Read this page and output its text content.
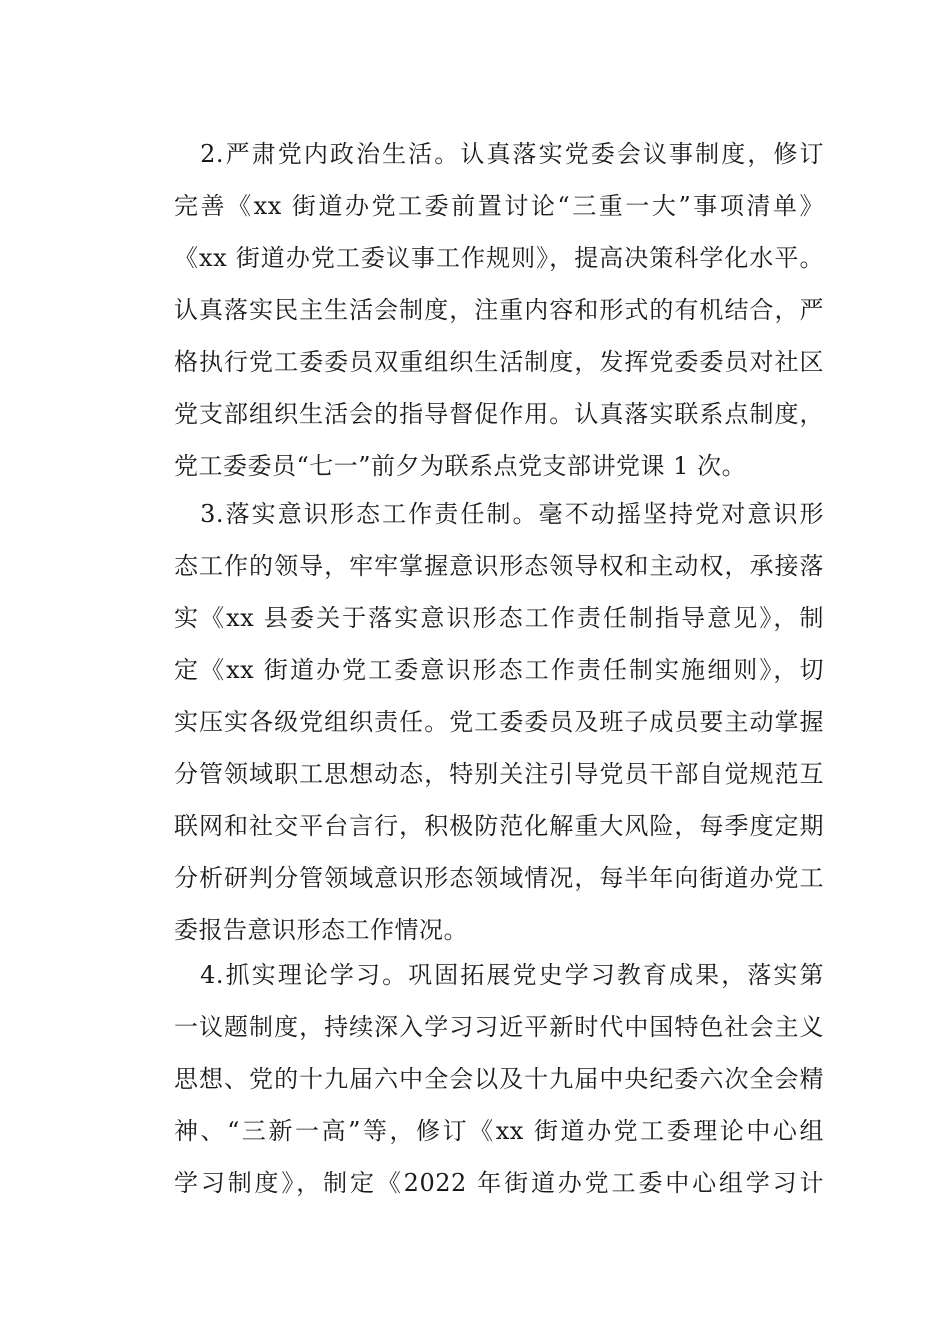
　2.严肃党内政治生活。认真落实党委会议事制度，修订
完善《xx 街道办党工委前置讨论“三重一大”事项清单》
《xx 街道办党工委议事工作规则》，提高决策科学化水平。
认真落实民主生活会制度，注重内容和形式的有机结合，严
格执行党工委委员双重组织生活制度，发挥党委委员对社区
党支部组织生活会的指导督促作用。认真落实联系点制度，
党工委委员“七一”前夕为联系点党支部讲党课 1 次。
　3.落实意识形态工作责任制。毫不动摇坚持党对意识形
态工作的领导，牢牢掌握意识形态领导权和主动权，承接落
实《xx 县委关于落实意识形态工作责任制指导意见》，制
定《xx 街道办党工委意识形态工作责任制实施细则》，切
实压实各级党组织责任。党工委委员及班子成员要主动掌握
分管领域职工思想动态，特别关注引导党员干部自觉规范互
联网和社交平台言行，积极防范化解重大风险，每季度定期
分析研判分管领域意识形态领域情况，每半年向街道办党工
委报告意识形态工作情况。
　4.抓实理论学习。巩固拓展党史学习教育成果，落实第
一议题制度，持续深入学习习近平新时代中国特色社会主义
思想、党的十九届六中全会以及十九届中央纪委六次全会精
神、“三新一高”等，修订《xx 街道办党工委理论中心组
学习制度》，制定《2022 年街道办党工委中心组学习计
